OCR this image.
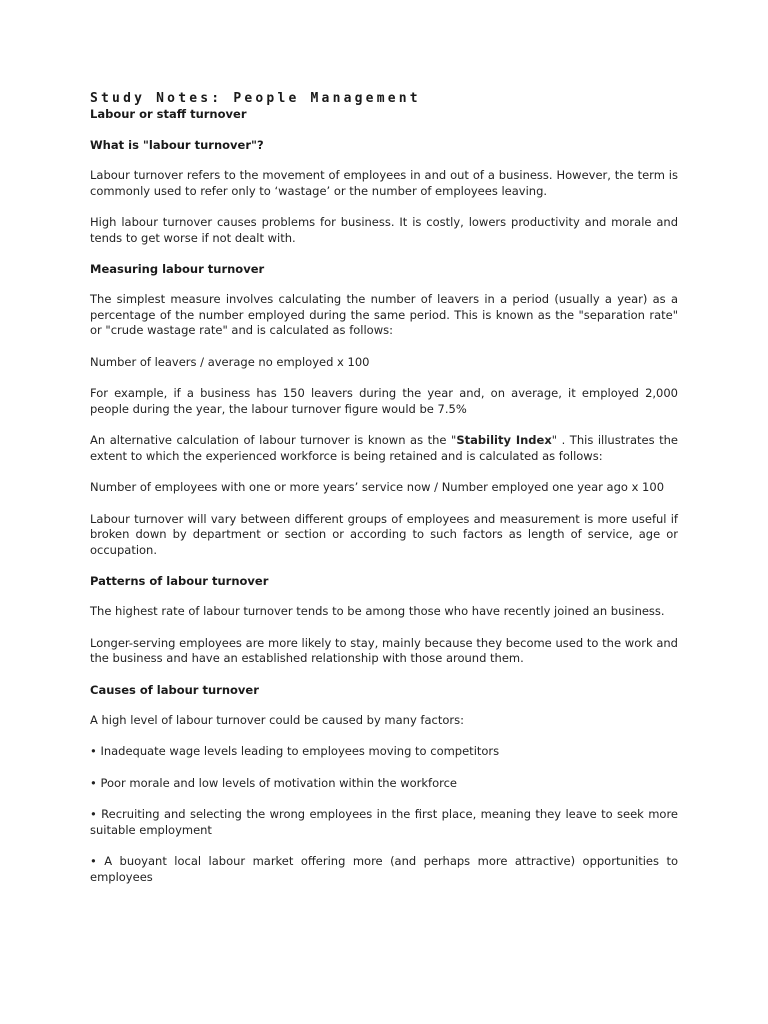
Study Notes: People Management
Labour or staff turnover
What is "labour turnover"?

Labour turnover refers to the movement of employees in and out of a business. However, the term is commonly used to refer only to ‘wastage’ or the number of employees leaving.

High labour turnover causes problems for business. It is costly, lowers productivity and morale and tends to get worse if not dealt with.

Measuring labour turnover

The simplest measure involves calculating the number of leavers in a period (usually a year) as a percentage of the number employed during the same period. This is known as the "separation rate" or "crude wastage rate" and is calculated as follows:

Number of leavers / average no employed x 100

For example, if a business has 150 leavers during the year and, on average, it employed 2,000 people during the year, the labour turnover figure would be 7.5%

An alternative calculation of labour turnover is known as the "Stability Index" . This illustrates the extent to which the experienced workforce is being retained and is calculated as follows:

Number of employees with one or more years’ service now / Number employed one year ago x 100

Labour turnover will vary between different groups of employees and measurement is more useful if broken down by department or section or according to such factors as length of service, age or occupation.

Patterns of labour turnover

The highest rate of labour turnover tends to be among those who have recently joined an business.

Longer-serving employees are more likely to stay, mainly because they become used to the work and the business and have an established relationship with those around them.

Causes of labour turnover

A high level of labour turnover could be caused by many factors:

• Inadequate wage levels leading to employees moving to competitors

• Poor morale and low levels of motivation within the workforce

• Recruiting and selecting the wrong employees in the first place, meaning they leave to seek more suitable employment

• A buoyant local labour market offering more (and perhaps more attractive) opportunities to employees
